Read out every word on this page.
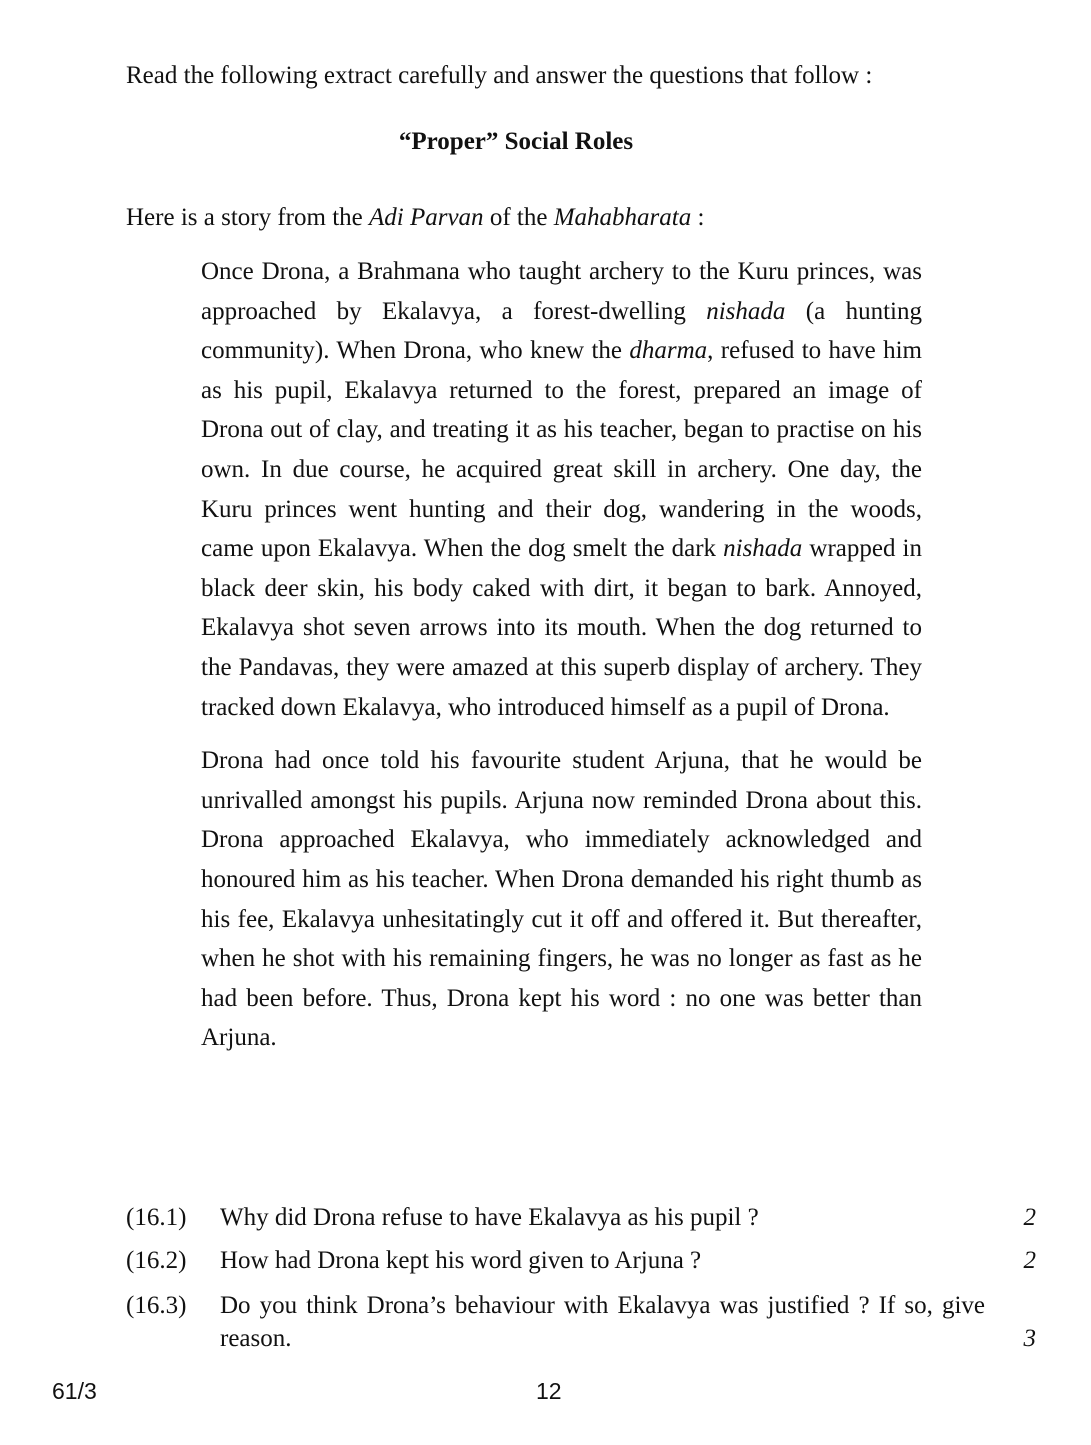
Read the following extract carefully and answer the questions that follow :

“Proper” Social Roles

Here is a story from the Adi Parvan of the Mahabharata :

Once Drona, a Brahmana who taught archery to the Kuru princes, was approached by Ekalavya, a forest-dwelling nishada (a hunting community). When Drona, who knew the dharma, refused to have him as his pupil, Ekalavya returned to the forest, prepared an image of Drona out of clay, and treating it as his teacher, began to practise on his own. In due course, he acquired great skill in archery. One day, the Kuru princes went hunting and their dog, wandering in the woods, came upon Ekalavya. When the dog smelt the dark nishada wrapped in black deer skin, his body caked with dirt, it began to bark. Annoyed, Ekalavya shot seven arrows into its mouth. When the dog returned to the Pandavas, they were amazed at this superb display of archery. They tracked down Ekalavya, who introduced himself as a pupil of Drona.

Drona had once told his favourite student Arjuna, that he would be unrivalled amongst his pupils. Arjuna now reminded Drona about this. Drona approached Ekalavya, who immediately acknowledged and honoured him as his teacher. When Drona demanded his right thumb as his fee, Ekalavya unhesitatingly cut it off and offered it. But thereafter, when he shot with his remaining fingers, he was no longer as fast as he had been before. Thus, Drona kept his word : no one was better than Arjuna.

(16.1) Why did Drona refuse to have Ekalavya as his pupil ?	2
(16.2) How had Drona kept his word given to Arjuna ?	2
(16.3) Do you think Drona’s behaviour with Ekalavya was justified ? If so, give reason.	3
61/3	12
